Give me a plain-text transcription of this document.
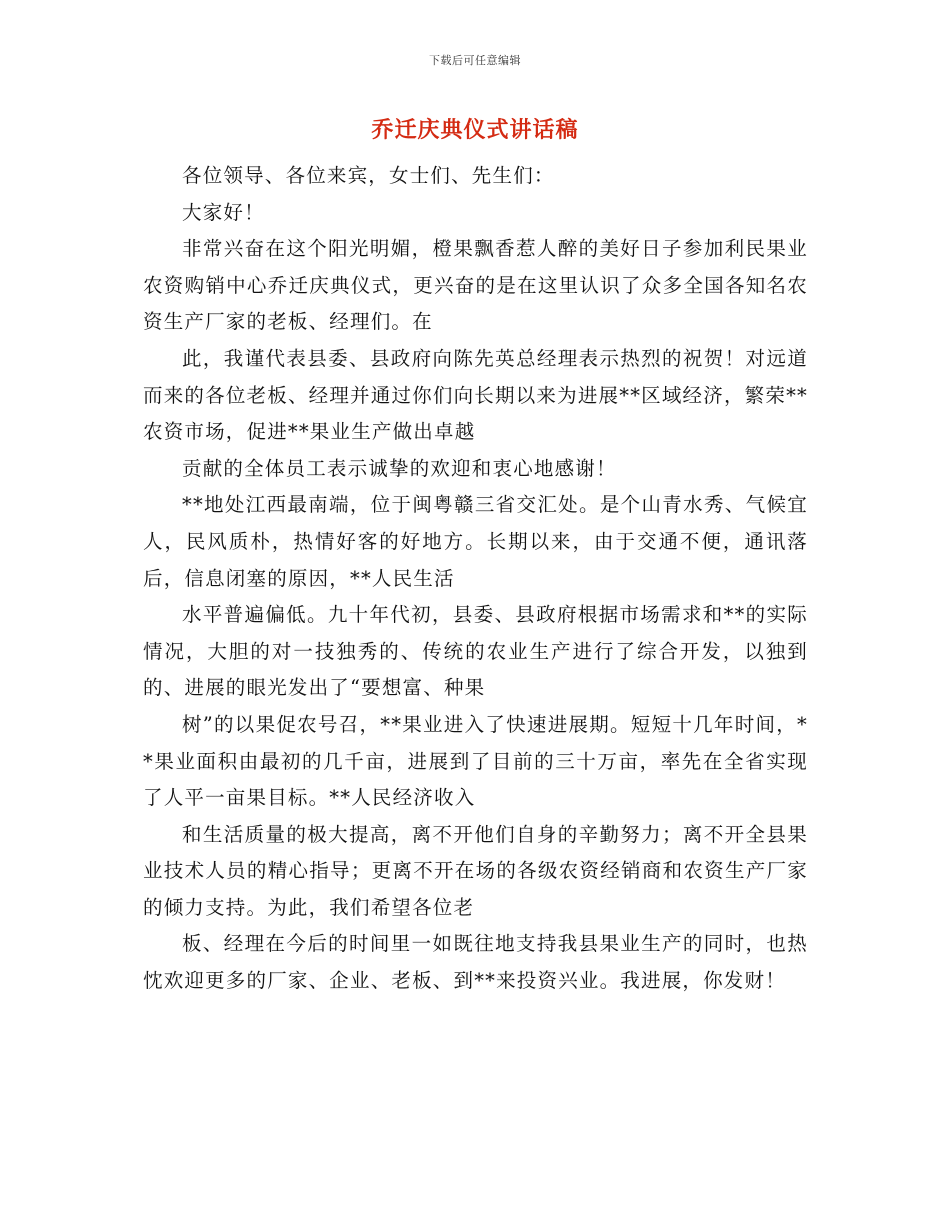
下载后可任意编辑
乔迁庆典仪式讲话稿

各位领导、各位来宾，女士们、先生们：

大家好！

非常兴奋在这个阳光明媚，橙果飘香惹人醉的美好日子参加利民果业农资购销中心乔迁庆典仪式，更兴奋的是在这里认识了众多全国各知名农资生产厂家的老板、经理们。在

此，我谨代表县委、县政府向陈先英总经理表示热烈的祝贺！对远道而来的各位老板、经理并通过你们向长期以来为进展**区域经济，繁荣**农资市场，促进**果业生产做出卓越

贡献的全体员工表示诚挚的欢迎和衷心地感谢！

**地处江西最南端，位于闽粤赣三省交汇处。是个山青水秀、气候宜人，民风质朴，热情好客的好地方。长期以来，由于交通不便，通讯落后，信息闭塞的原因，**人民生活

水平普遍偏低。九十年代初，县委、县政府根据市场需求和**的实际情况，大胆的对一技独秀的、传统的农业生产进行了综合开发，以独到的、进展的眼光发出了“要想富、种果

树”的以果促农号召，**果业进入了快速进展期。短短十几年时间，**果业面积由最初的几千亩，进展到了目前的三十万亩，率先在全省实现了人平一亩果目标。**人民经济收入

和生活质量的极大提高，离不开他们自身的辛勤努力；离不开全县果业技术人员的精心指导；更离不开在场的各级农资经销商和农资生产厂家的倾力支持。为此，我们希望各位老

板、经理在今后的时间里一如既往地支持我县果业生产的同时，也热忱欢迎更多的厂家、企业、老板、到**来投资兴业。我进展，你发财！
